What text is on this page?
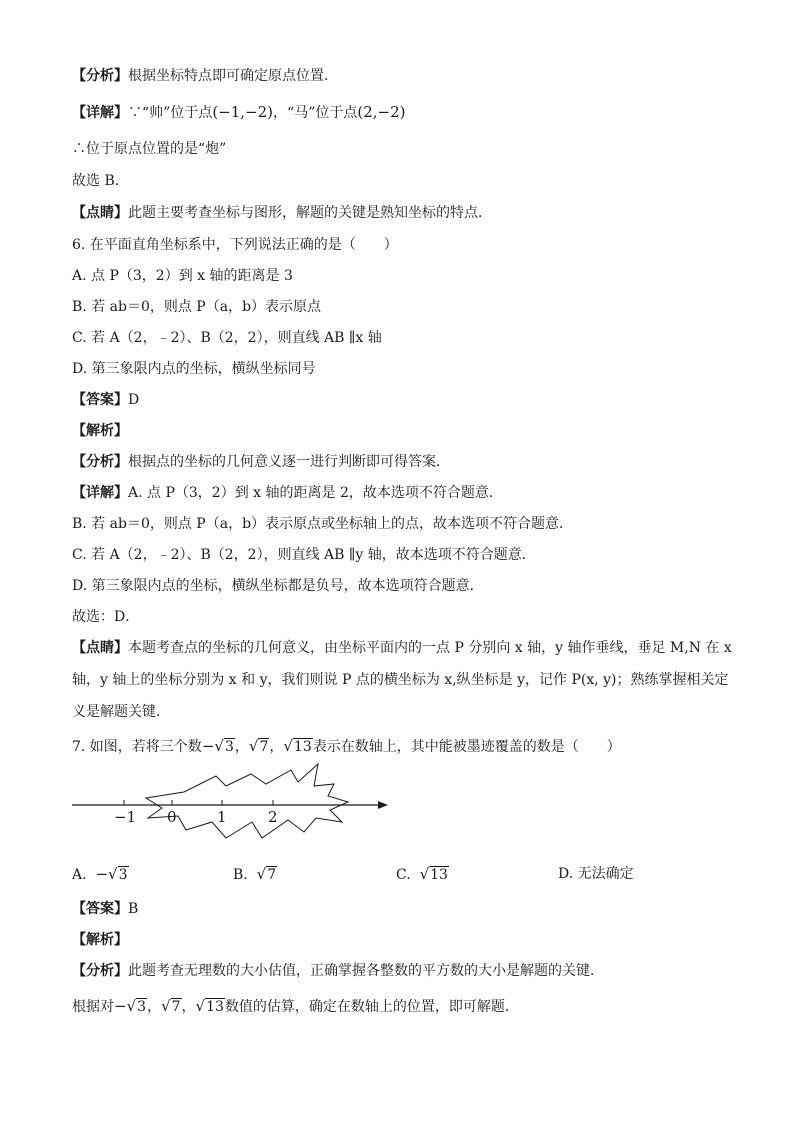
【分析】根据坐标特点即可确定原点位置．
【详解】∵“帅”位于点(−1,−2)，“马”位于点(2,−2)
∴位于原点位置的是“炮”
故选 B．
【点睛】此题主要考查坐标与图形，解题的关键是熟知坐标的特点．
6. 在平面直角坐标系中，下列说法正确的是（　　）
A. 点 P（3，2）到 x 轴的距离是 3
B. 若 ab＝0，则点 P（a，b）表示原点
C. 若 A（2，﹣2）、B（2，2），则直线 AB ∥x 轴
D. 第三象限内点的坐标，横纵坐标同号
【答案】D
【解析】
【分析】根据点的坐标的几何意义逐一进行判断即可得答案．
【详解】A. 点 P（3，2）到 x 轴的距离是 2，故本选项不符合题意．
B. 若 ab＝0，则点 P（a，b）表示原点或坐标轴上的点，故本选项不符合题意．
C. 若 A（2，﹣2）、B（2，2），则直线 AB ∥y 轴，故本选项不符合题意．
D. 第三象限内点的坐标，横纵坐标都是负号，故本选项符合题意．
故选：D．
【点睛】本题考查点的坐标的几何意义，由坐标平面内的一点 P 分别向 x 轴，y 轴作垂线，垂足 M,N 在 x
轴，y 轴上的坐标分别为 x 和 y，我们则说 P 点的横坐标为 x,纵坐标是 y，记作 P(x, y)；熟练掌握相关定
义是解题关键．
7. 如图，若将三个数−√3，√7，√13表示在数轴上，其中能被墨迹覆盖的数是（　　）
−1 0	1	2
A. −√3	B. √7	C. √13	D. 无法确定
【答案】B
【解析】
【分析】此题考查无理数的大小估值，正确掌握各整数的平方数的大小是解题的关键．
根据对−√3，√7，√13数值的估算，确定在数轴上的位置，即可解题．
